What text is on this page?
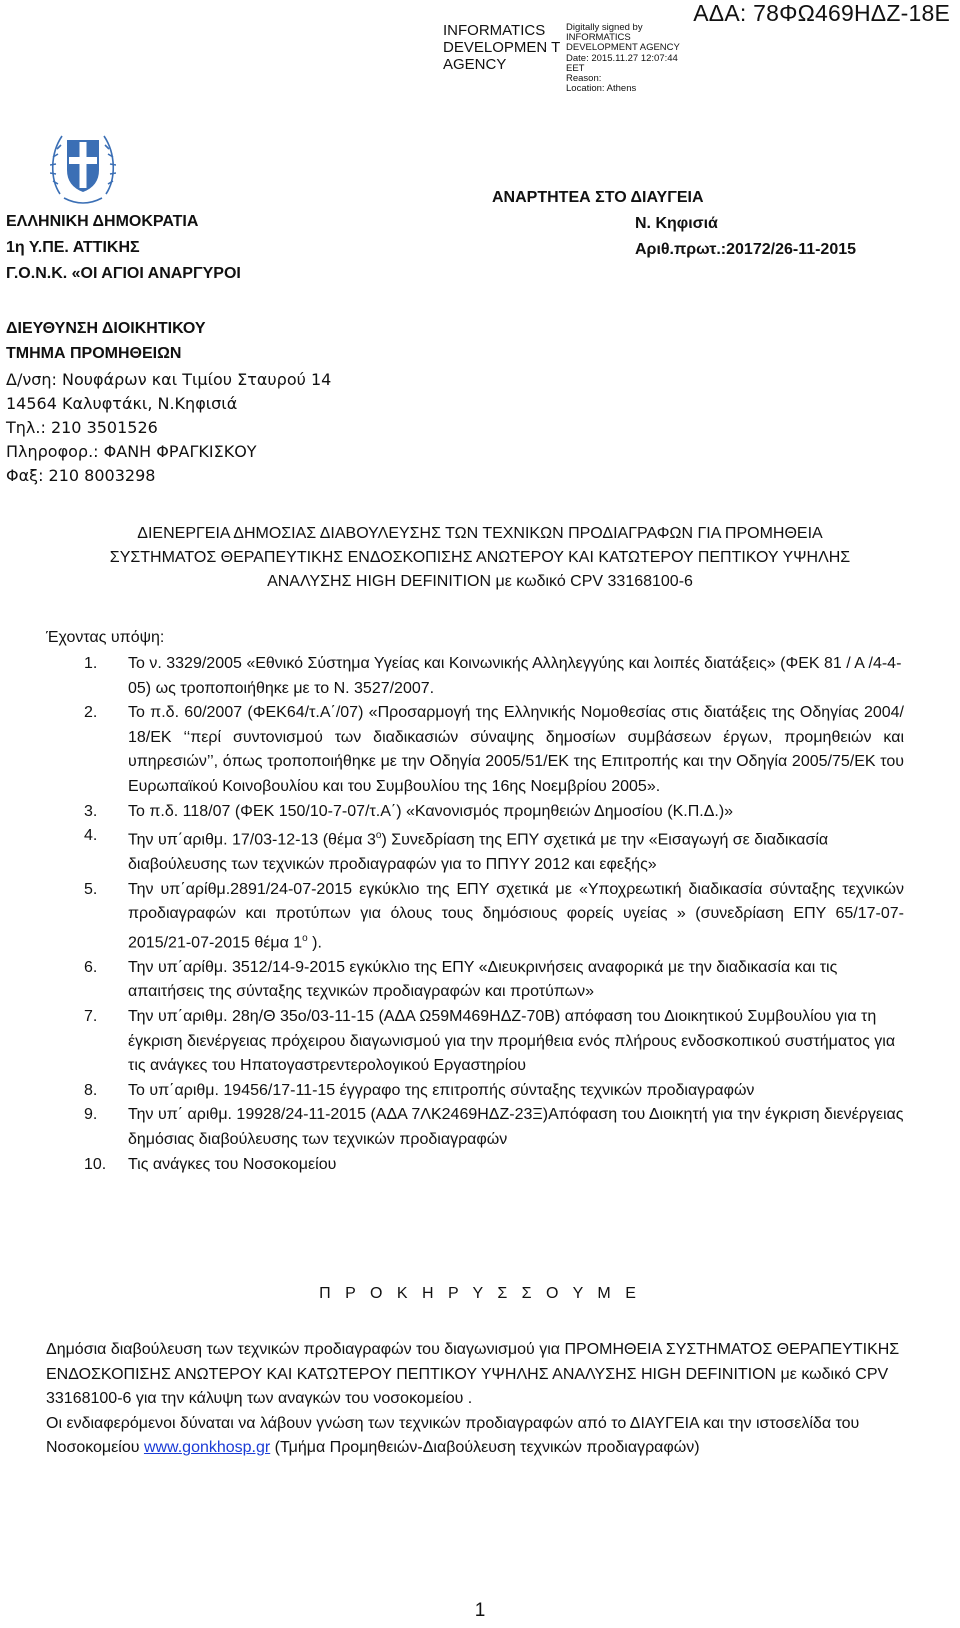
INFORMATICS DEVELOPMEN T AGENCY
Digitally signed by
INFORMATICS
DEVELOPMENT AGENCY
Date: 2015.11.27 12:07:44
EET
Reason:
Location: Athens
ΑΔΑ: 78ΦΩ469ΗΔΖ-18Ε
ΕΛΛΗΝΙΚΗ ΔΗΜΟΚΡΑΤΙΑ
1η Υ.ΠΕ. ΑΤΤΙΚΗΣ
Γ.Ο.Ν.Κ. «ΟΙ ΑΓΙΟΙ ΑΝΑΡΓΥΡΟΙ
ΑΝΑΡΤΗΤΕΑ ΣΤΟ ΔΙΑΥΓΕΙΑ
Ν. Κηφισιά
Αριθ.πρωτ.:20172/26-11-2015
ΔΙΕΥΘΥΝΣΗ ΔΙΟΙΚΗΤΙΚΟΥ
ΤΜΗΜΑ ΠΡΟΜΗΘΕΙΩΝ
Δ/νση: Νουφάρων και Τιμίου Σταυρού 14
14564 Καλυφτάκι, Ν.Κηφισιά
Τηλ.: 210 3501526
Πληροφορ.: ΦΑΝΗ ΦΡΑΓΚΙΣΚΟΥ
Φαξ: 210 8003298
ΔΙΕΝΕΡΓΕΙΑ ΔΗΜΟΣΙΑΣ ΔΙΑΒΟΥΛΕΥΣΗΣ ΤΩΝ ΤΕΧΝΙΚΩΝ ΠΡΟΔΙΑΓΡΑΦΩΝ ΓΙΑ ΠΡΟΜΗΘΕΙΑ
ΣΥΣΤΗΜΑΤΟΣ ΘΕΡΑΠΕΥΤΙΚΗΣ ΕΝΔΟΣΚΟΠΙΣΗΣ ΑΝΩΤΕΡΟΥ ΚΑΙ ΚΑΤΩΤΕΡΟΥ ΠΕΠΤΙΚΟΥ ΥΨΗΛΗΣ
ΑΝΑΛΥΣΗΣ HIGH DEFINITION με κωδικό CPV 33168100-6
Έχοντας υπόψη:
1. Το ν. 3329/2005 «Εθνικό Σύστημα Υγείας και Κοινωνικής Αλληλεγγύης και λοιπές διατάξεις» (ΦΕΚ 81 / Α /4-4-05) ως τροποποιήθηκε με το Ν. 3527/2007.
2. Το π.δ. 60/2007 (ΦΕΚ64/τ.Α΄/07) «Προσαρμογή της Ελληνικής Νομοθεσίας στις διατάξεις της Οδηγίας 2004/ 18/ΕΚ ‘‘περί συντονισμού των διαδικασιών σύναψης δημοσίων συμβάσεων έργων, προμηθειών και υπηρεσιών’’, όπως τροποποιήθηκε με την Οδηγία 2005/51/ΕΚ της Επιτροπής και την Οδηγία 2005/75/ΕΚ του Ευρωπαϊκού Κοινοβουλίου και του Συμβουλίου της 16ης Νοεμβρίου 2005».
3. Το π.δ. 118/07 (ΦΕΚ 150/10-7-07/τ.Α΄) «Κανονισμός προμηθειών Δημοσίου (Κ.Π.Δ.)»
4. Την υπ΄αριθμ. 17/03-12-13 (θέμα $3^o$) Συνεδρίαση της ΕΠΥ σχετικά με την «Εισαγωγή σε διαδικασία διαβούλευσης των τεχνικών προδιαγραφών για το ΠΠΥΥ 2012 και εφεξής»
5. Την υπ΄αρίθμ.2891/24-07-2015 εγκύκλιο της ΕΠΥ σχετικά με «Υποχρεωτική διαδικασία σύνταξης τεχνικών προδιαγραφών και προτύπων για όλους τους δημόσιους φορείς υγείας » (συνεδρίαση ΕΠΥ 65/17-07-2015/21-07-2015 θέμα $1^o$ ).
6. Την υπ΄αρίθμ. 3512/14-9-2015 εγκύκλιο της ΕΠΥ «Διευκρινήσεις αναφορικά με την διαδικασία και τις απαιτήσεις της σύνταξης τεχνικών προδιαγραφών και προτύπων»
7. Την υπ΄αριθμ. 28η/Θ 35ο/03-11-15 (ΑΔΑ Ω59Μ469ΗΔΖ-70Β) απόφαση του Διοικητικού Συμβουλίου για τη έγκριση διενέργειας πρόχειρου διαγωνισμού για την προμήθεια ενός πλήρους ενδοσκοπικού συστήματος για τις ανάγκες του Ηπατογαστρεντερολογικού Εργαστηρίου
8. Το υπ΄αριθμ. 19456/17-11-15 έγγραφο της επιτροπής σύνταξης τεχνικών προδιαγραφών
9. Την υπ΄ αριθμ. 19928/24-11-2015 (ΑΔΑ 7ΛΚ2469ΗΔΖ-23Ξ)Απόφαση του Διοικητή για την έγκριση διενέργειας δημόσιας διαβούλευσης των τεχνικών προδιαγραφών
10. Τις ανάγκες του Νοσοκομείου
Π Ρ Ο Κ Η Ρ Υ Σ Σ Ο Υ Μ Ε
Δημόσια διαβούλευση των τεχνικών προδιαγραφών του διαγωνισμού για ΠΡΟΜΗΘΕΙΑ ΣΥΣΤΗΜΑΤΟΣ ΘΕΡΑΠΕΥΤΙΚΗΣ ΕΝΔΟΣΚΟΠΙΣΗΣ ΑΝΩΤΕΡΟΥ ΚΑΙ ΚΑΤΩΤΕΡΟΥ ΠΕΠΤΙΚΟΥ ΥΨΗΛΗΣ ΑΝΑΛΥΣΗΣ HIGH DEFINITION με κωδικό CPV 33168100-6 για την κάλυψη των αναγκών του νοσοκομείου .
Οι ενδιαφερόμενοι δύναται να λάβουν γνώση των τεχνικών προδιαγραφών από το ΔΙΑΥΓΕΙΑ και την ιστοσελίδα του Νοσοκομείου www.gonkhosp.gr (Τμήμα Προμηθειών-Διαβούλευση τεχνικών προδιαγραφών)
1
